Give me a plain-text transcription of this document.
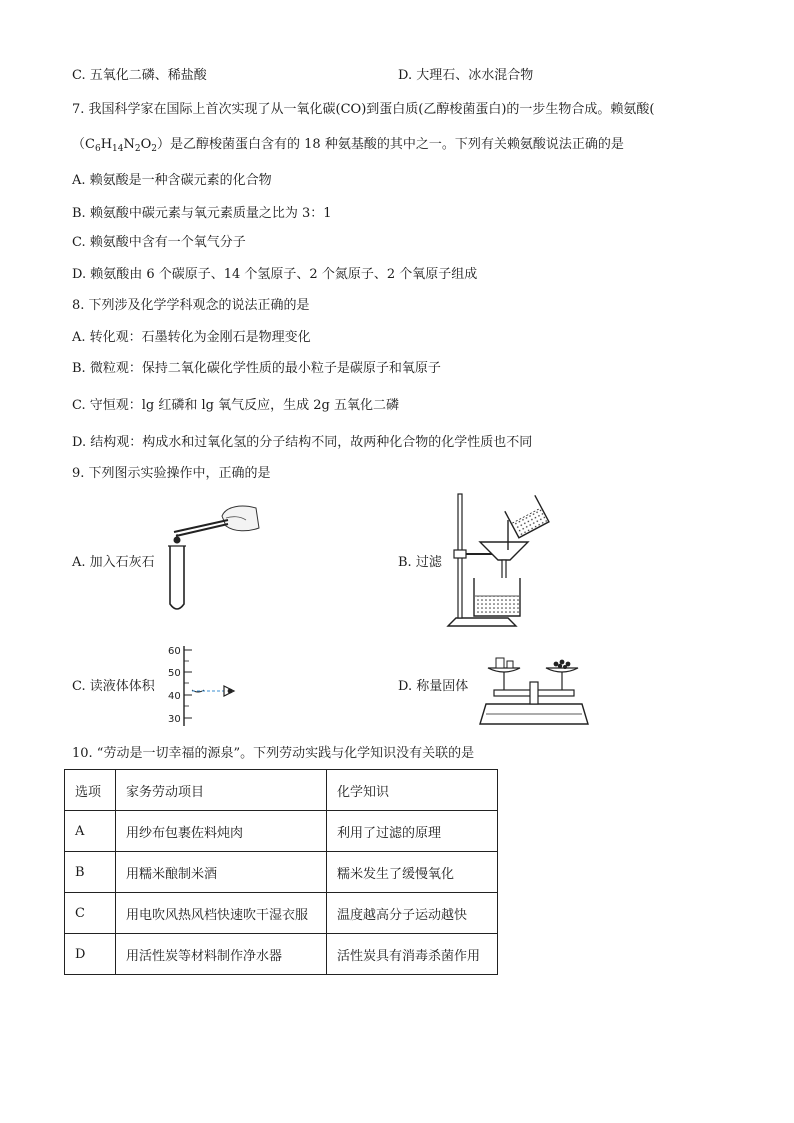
C. 五氧化二磷、稀盐酸	D. 大理石、冰水混合物
7. 我国科学家在国际上首次实现了从一氧化碳(CO)到蛋白质(乙醇梭菌蛋白)的一步生物合成。赖氨酸(
$(C_6H_{14}N_2O_2)$是乙醇梭菌蛋白含有的 18 种氨基酸的其中之一。下列有关赖氨酸说法正确的是
A. 赖氨酸是一种含碳元素的化合物
B. 赖氨酸中碳元素与氧元素质量之比为 3：1
C. 赖氨酸中含有一个氧气分子
D. 赖氨酸由 6 个碳原子、14 个氢原子、2 个氮原子、2 个氧原子组成
8. 下列涉及化学学科观念的说法正确的是
A. 转化观：石墨转化为金刚石是物理变化
B. 微粒观：保持二氧化碳化学性质的最小粒子是碳原子和氧原子
C. 守恒观：lg 红磷和 lg 氧气反应，生成 2g 五氧化二磷
D. 结构观：构成水和过氧化氢的分子结构不同，故两种化合物的化学性质也不同
9. 下列图示实验操作中，正确的是
A. 加入石灰石	B. 过滤
C. 读液体体积
60
50
40
30
D. 称量固体
10. “劳动是一切幸福的源泉”。下列劳动实践与化学知识没有关联的是
选项	家务劳动项目	化学知识
A	用纱布包裹佐料炖肉	利用了过滤的原理
B	用糯米酿制米酒	糯米发生了缓慢氧化
C	用电吹风热风档快速吹干湿衣服	温度越高分子运动越快
D	用活性炭等材料制作净水器	活性炭具有消毒杀菌作用
